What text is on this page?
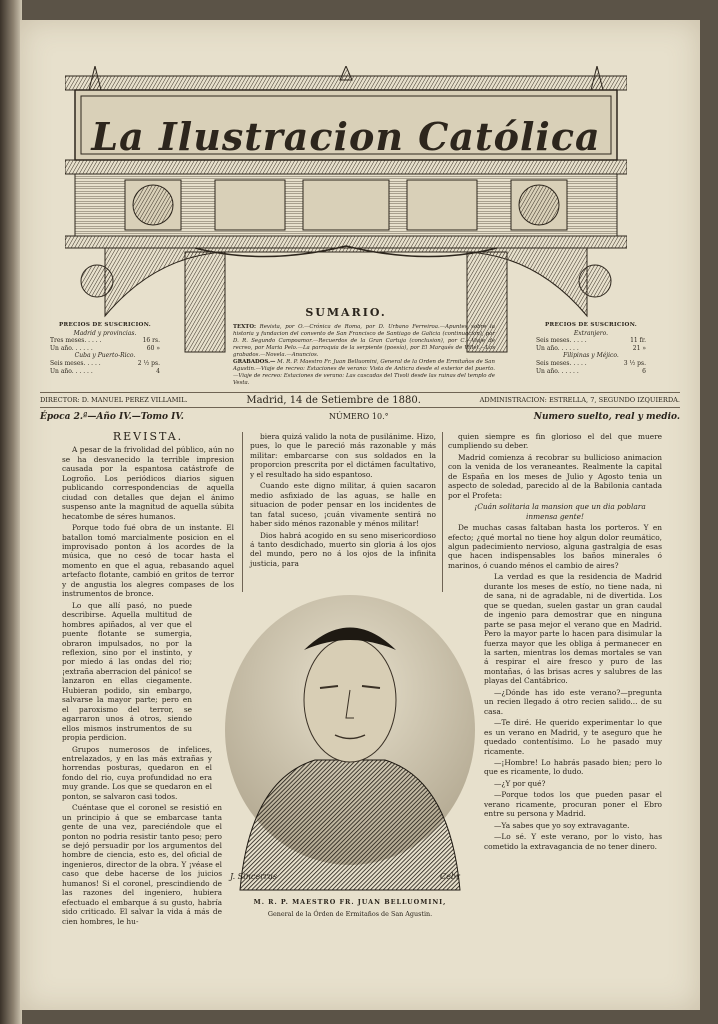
La Ilustracion Católica
SUMARIO.
TEXTO: Revista, por O.—Crónica de Roma, por D. Urbano Ferreiroa.—Apuntes sobre la historia y fundacion del convento de San Francisco de Santiago de Galicia (continuacion), por D. R. Segundo Campoamor.—Recuerdos de la Gran Cartuja (conclusion), por C.—Viaje de recreo, por Maria Pelo.—La parroquia de la serpiente (poesía), por El Marqués de Villel.—Los grabados.—Novela.—Anuncios.
GRABADOS.— M. R. P. Maestro Fr. Juan Belluomini, General de la Orden de Ermitaños de San Agustin.—Viaje de recreo: Estaciones de verano: Vista de Anticra desde el exterior del puerto.—Viaje de recreo: Estaciones de verano: Las cascadas del Tivoli desde las ruinas del templo de Vesta.
PRECIOS DE SUSCRICION.
Madrid y provincias.
Tres meses. . . . .	16 rs.
Un año. . . . . .	60 »
Cuba y Puerto-Rico.
Seis meses. . . . .	2 ½ ps.
Un año. . . . . .	4
PRECIOS DE SUSCRICION.
Extranjero.
Seis meses. . . . .	11 fr.
Un año. . . . . .	21 »
Filipinas y Méjico.
Seis meses. . . . .	3 ½ ps.
Un año. . . . . .	6
DIRECTOR: D. MANUEL PEREZ VILLAMIL.	Madrid, 14 de Setiembre de 1880.	ADMINISTRACION: ESTRELLA, 7, SEGUNDO IZQUIERDA.
Época 2.ª—Año IV.—Tomo IV.	NÚMERO 10.°	Numero suelto, real y medio.
REVISTA.

A pesar de la frivolidad del público, aún no se ha desvanecido la terrible impresion causada por la espantosa catástrofe de Logroño. Los periódicos diarios siguen publicando correspondencias de aquella ciudad con detalles que dejan el ánimo suspenso ante la magnitud de aquella súbita hecatombe de séres humanos.

Porque todo fué obra de un instante. El batallon tomó marcialmente posicion en el improvisado ponton á los acordes de la música, que no cesó de tocar hasta el momento en que el agua, rebasando aquel artefacto flotante, cambió en gritos de terror y de angustia los alegres compases de los instrumentos de bronce.

Lo que allí pasó, no puede describirse. Aquella multitud de hombres apiñados, al ver que el puente flotante se sumergia, obraron impulsados, no por la reflexion, sino por el instinto, y por miedo á las ondas del rio; ¡extraña aberracion del pánico! se lanzaron en ellas ciegamente. Hubieran podido, sin embargo, salvarse la mayor parte; pero en el paroxismo del terror, se agarraron unos á otros, siendo ellos mismos instrumentos de su propia perdicion.

Grupos numerosos de infelices, entrelazados, y en las más extrañas y horrendas posturas, quedaron en el fondo del rio, cuya profundidad no era muy grande. Los que se quedaron en el ponton, se salvaron casi todos.

Cuéntase que el coronel se resistió en un principio á que se embarcase tanta gente de una vez, pareciéndole que el ponton no podria resistir tanto peso; pero se dejó persuadir por los argumentos del hombre de ciencia, esto es, del oficial de ingenieros, director de la obra. Y ¡véase el caso que debe hacerse de los juicios humanos! Si el coronel, prescindiendo de las razones del ingeniero, hubiera efectuado el embarque á su gusto, habría sido criticado. El salvar la vida á más de cien hombres, le hu-

biera quizá valido la nota de pusilánime. Hizo, pues, lo que le pareció más razonable y más militar: embarcarse con sus soldados en la proporcion prescrita por el dictámen facultativo, y el resultado ha sido espantoso.

Cuando este digno militar, á quien sacaron medio asfixiado de las aguas, se halle en situacion de poder pensar en los incidentes de tan fatal suceso, ¡cuán vivamente sentirá no haber sido ménos razonable y ménos militar!

Dios habrá acogido en su seno misericordioso á tanto desdichado, muerto sin gloria á los ojos del mundo, pero no á los ojos de la infinita justicia, para

quien siempre es fin glorioso el del que muere cumpliendo su deber.

Madrid comienza á recobrar su bullicioso animacion con la venida de los veraneantes. Realmente la capital de España en los meses de Julio y Agosto tenia un aspecto de soledad, parecido al de la Babilonia cantada por el Profeta:

¡Cuán solitaria la mansion que un dia poblara inmensa gente!

De muchas casas faltaban hasta los porteros. Y en efecto; ¿qué mortal no tiene hoy algun dolor reumático, algun padecimiento nervioso, alguna gastralgia de esas que hacen indispensables los baños minerales ó marinos, ó cuando ménos el cambio de aires?

La verdad es que la residencia de Madrid durante los meses de estío, no tiene nada, ni de sana, ni de agradable, ni de divertida. Los que se quedan, suelen gastar un gran caudal de ingenio para demostrar que en ninguna parte se pasa mejor el verano que en Madrid. Pero la mayor parte lo hacen para disimular la fuerza mayor que les obliga á permanecer en la sarten, mientras los demas mortales se van á respirar el aire fresco y puro de las montañas, ó las brisas acres y salubres de las playas del Cantábrico.

—¿Dónde has ido este verano?—pregunta un recien llegado á otro recien salido... de su casa.

—Te diré. He querido experimentar lo que es un verano en Madrid, y te aseguro que he quedado contentísimo. Lo he pasado muy ricamente.

—¡Hombre! Lo habrás pasado bien; pero lo que es ricamente, lo dudo.

—¿Y por qué?

—Porque todos los que pueden pasar el verano ricamente, procuran poner el Ebro entre su persona y Madrid.

—Ya sabes que yo soy extravagante.

—Lo sé. Y este verano, por lo visto, has cometido la extravagancia de no tener dinero.

J. Sincerrus	Cebr
M. R. P. MAESTRO FR. JUAN BELLUOMINI,
General de la Órden de Ermitaños de San Agustin.
